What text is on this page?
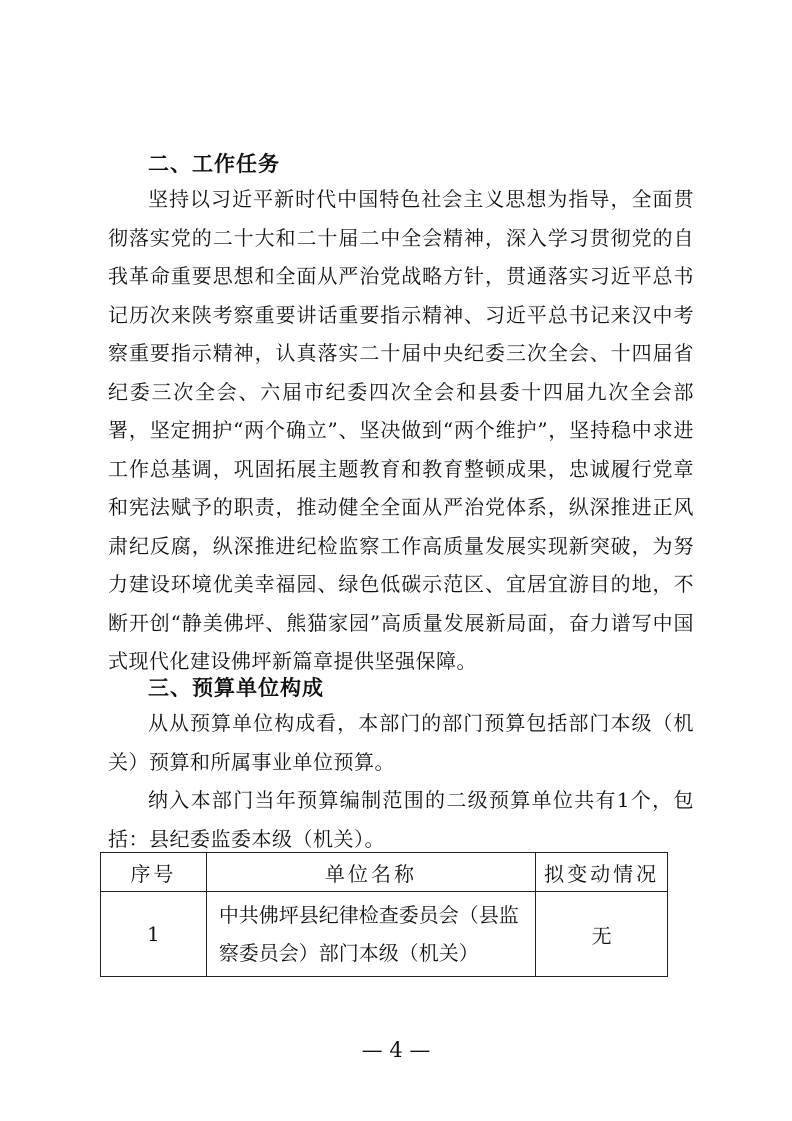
二、工作任务

坚持以习近平新时代中国特色社会主义思想为指导，全面贯彻落实党的二十大和二十届二中全会精神，深入学习贯彻党的自我革命重要思想和全面从严治党战略方针，贯通落实习近平总书记历次来陕考察重要讲话重要指示精神、习近平总书记来汉中考察重要指示精神，认真落实二十届中央纪委三次全会、十四届省纪委三次全会、六届市纪委四次全会和县委十四届九次全会部署，坚定拥护“两个确立”、坚决做到“两个维护”，坚持稳中求进工作总基调，巩固拓展主题教育和教育整顿成果，忠诚履行党章和宪法赋予的职责，推动健全全面从严治党体系，纵深推进正风肃纪反腐，纵深推进纪检监察工作高质量发展实现新突破，为努力建设环境优美幸福园、绿色低碳示范区、宜居宜游目的地，不断开创“静美佛坪、熊猫家园”高质量发展新局面，奋力谱写中国式现代化建设佛坪新篇章提供坚强保障。

三、预算单位构成

从从预算单位构成看，本部门的部门预算包括部门本级（机关）预算和所属事业单位预算。

纳入本部门当年预算编制范围的二级预算单位共有1个，包括：县纪委监委本级（机关）。

序号	单位名称	拟变动情况
1	中共佛坪县纪律检查委员会（县监察委员会）部门本级（机关）	无
— 4 —
